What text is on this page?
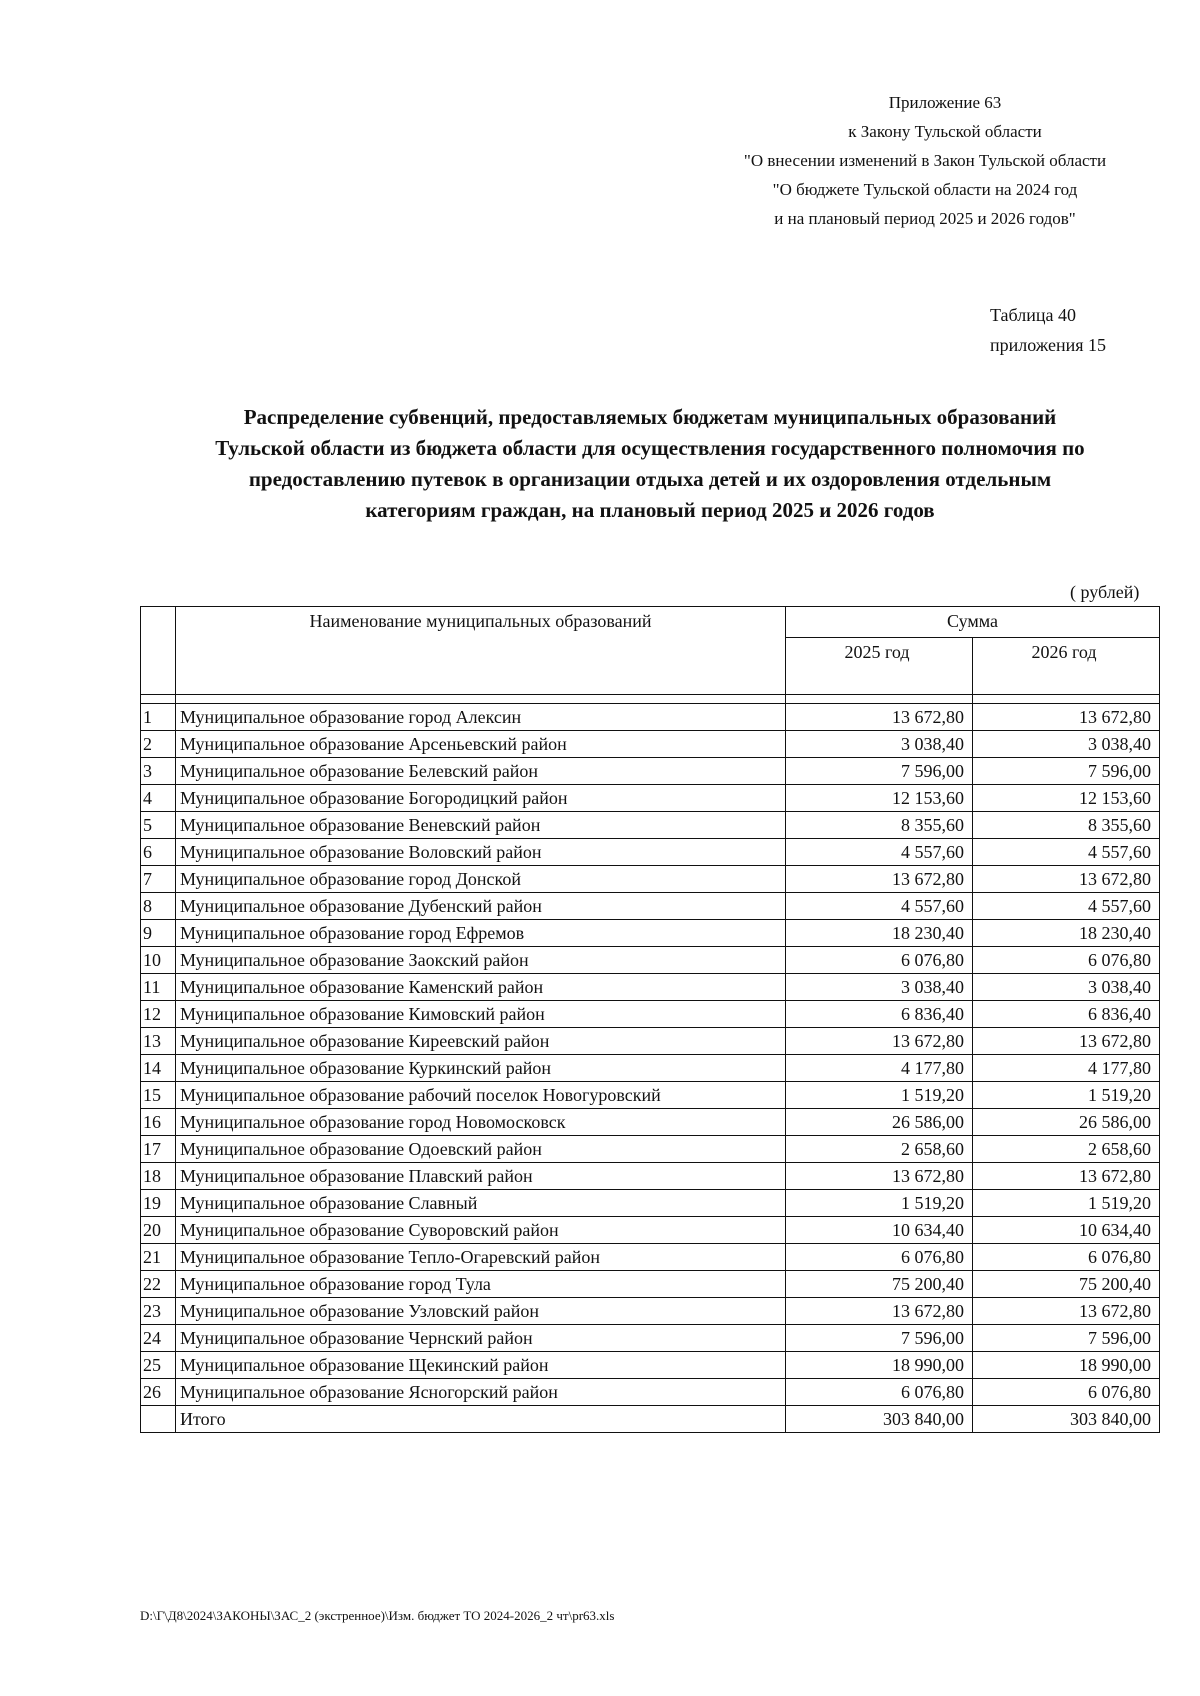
Приложение 63
к Закону Тульской области
"О внесении изменений в Закон Тульской области
"О бюджете Тульской области на 2024 год
и на плановый период 2025 и 2026 годов"
Таблица 40
приложения 15
Распределение субвенций, предоставляемых бюджетам муниципальных образований
Тульской области из бюджета области для осуществления государственного полномочия по
предоставлению путевок в организации отдыха детей и их оздоровления отдельным
категориям граждан, на плановый период 2025 и 2026 годов
( рублей)
	Наименование муниципальных образований	Сумма	
		2025 год	2026 год

1	Муниципальное образование город Алексин	13 672,80	13 672,80
2	Муниципальное образование Арсеньевский район	3 038,40	3 038,40
3	Муниципальное образование Белевский район	7 596,00	7 596,00
4	Муниципальное образование Богородицкий район	12 153,60	12 153,60
5	Муниципальное образование Веневский район	8 355,60	8 355,60
6	Муниципальное образование Воловский район	4 557,60	4 557,60
7	Муниципальное образование город Донской	13 672,80	13 672,80
8	Муниципальное образование Дубенский район	4 557,60	4 557,60
9	Муниципальное образование город Ефремов	18 230,40	18 230,40
10	Муниципальное образование Заокский район	6 076,80	6 076,80
11	Муниципальное образование Каменский район	3 038,40	3 038,40
12	Муниципальное образование Кимовский район	6 836,40	6 836,40
13	Муниципальное образование Киреевский район	13 672,80	13 672,80
14	Муниципальное образование Куркинский район	4 177,80	4 177,80
15	Муниципальное образование рабочий поселок Новогуровский	1 519,20	1 519,20
16	Муниципальное образование город Новомосковск	26 586,00	26 586,00
17	Муниципальное образование Одоевский район	2 658,60	2 658,60
18	Муниципальное образование Плавский район	13 672,80	13 672,80
19	Муниципальное образование Славный	1 519,20	1 519,20
20	Муниципальное образование Суворовский район	10 634,40	10 634,40
21	Муниципальное образование Тепло-Огаревский район	6 076,80	6 076,80
22	Муниципальное образование город Тула	75 200,40	75 200,40
23	Муниципальное образование Узловский район	13 672,80	13 672,80
24	Муниципальное образование Чернский район	7 596,00	7 596,00
25	Муниципальное образование Щекинский район	18 990,00	18 990,00
26	Муниципальное образование Ясногорский район	6 076,80	6 076,80
	Итого	303 840,00	303 840,00
D:\Г\Д8\2024\ЗАКОНЫ\ЗАС_2 (экстренное)\Изм. бюджет ТО 2024-2026_2 чт\pr63.xls
